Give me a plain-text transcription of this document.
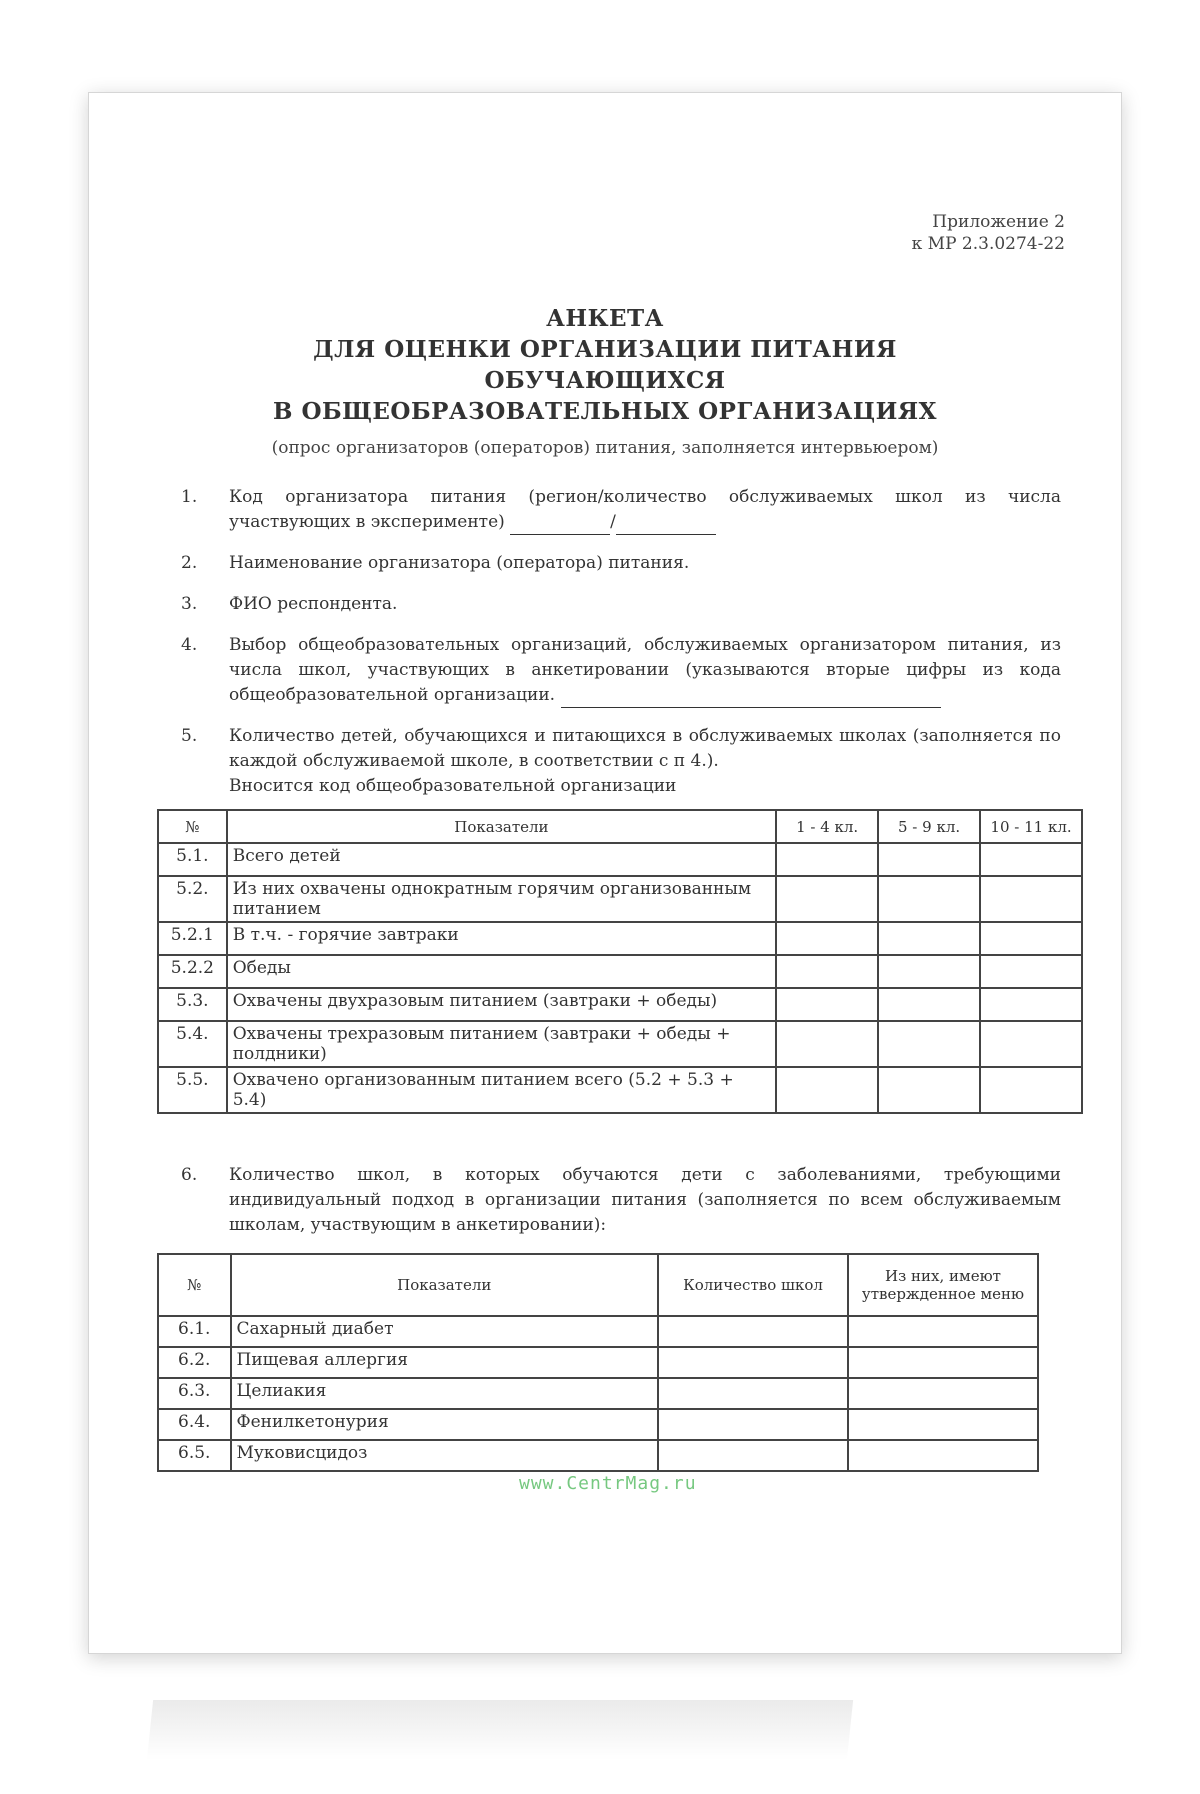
Приложение 2
к МР 2.3.0274-22
АНКЕТА
ДЛЯ ОЦЕНКИ ОРГАНИЗАЦИИ ПИТАНИЯ ОБУЧАЮЩИХСЯ
В ОБЩЕОБРАЗОВАТЕЛЬНЫХ ОРГАНИЗАЦИЯХ
(опрос организаторов (операторов) питания, заполняется интервьюером)
1.	Код организатора питания (регион/количество обслуживаемых школ из числа участвующих в эксперименте)	/
2.	Наименование организатора (оператора) питания.
3.	ФИО респондента.
4.	Выбор общеобразовательных организаций, обслуживаемых организатором питания, из числа школ, участвующих в анкетировании (указываются вторые цифры из кода общеобразовательной организации.
5.	Количество детей, обучающихся и питающихся в обслуживаемых школах (заполняется по каждой обслуживаемой школе, в соответствии с п 4.).
Вносится код общеобразовательной организации
№	Показатели	1 - 4 кл.	5 - 9 кл.	10 - 11 кл.
5.1.	Всего детей			
5.2.	Из них охвачены однократным горячим организованным питанием			
5.2.1	В т.ч. - горячие завтраки			
5.2.2	Обеды			
5.3.	Охвачены двухразовым питанием (завтраки + обеды)			
5.4.	Охвачены трехразовым питанием (завтраки + обеды + полдники)			
5.5.	Охвачено организованным питанием всего (5.2 + 5.3 + 5.4)			
6.	Количество школ, в которых обучаются дети с заболеваниями, требующими индивидуальный подход в организации питания (заполняется по всем обслуживаемым школам, участвующим в анкетировании):
№	Показатели	Количество школ	Из них, имеют утвержденное меню
6.1.	Сахарный диабет		
6.2.	Пищевая аллергия		
6.3.	Целиакия		
6.4.	Фенилкетонурия		
6.5.	Муковисцидоз		
www.CentrMag.ru
